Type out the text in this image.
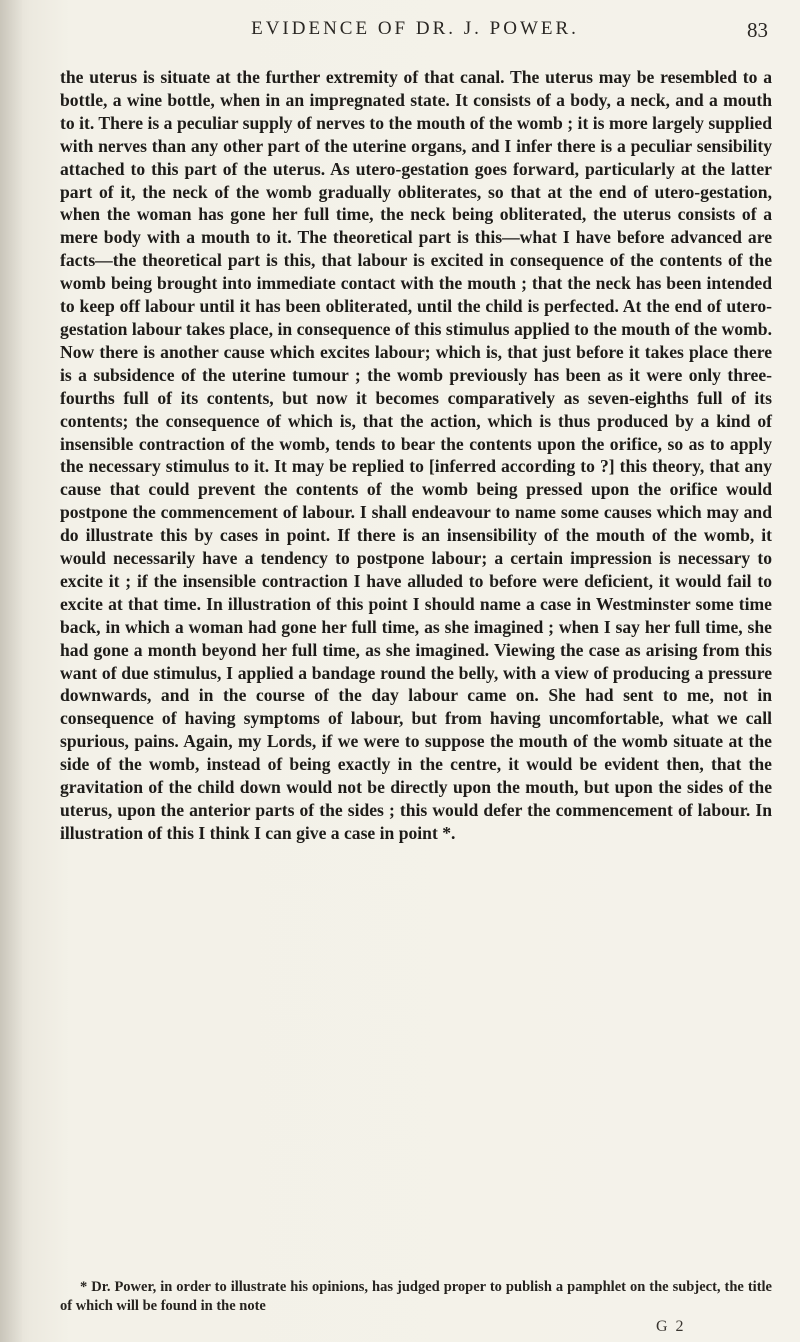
EVIDENCE OF DR. J. POWER.	83

the uterus is situate at the further extremity of that canal. The uterus may be resembled to a bottle, a wine bottle, when in an impregnated state. It consists of a body, a neck, and a mouth to it. There is a peculiar supply of nerves to the mouth of the womb ; it is more largely supplied with nerves than any other part of the uterine organs, and I infer there is a peculiar sensibility attached to this part of the uterus. As utero-gestation goes forward, particularly at the latter part of it, the neck of the womb gradually obliterates, so that at the end of utero-gestation, when the woman has gone her full time, the neck being obliterated, the uterus consists of a mere body with a mouth to it. The theoretical part is this—what I have before advanced are facts—the theoretical part is this, that labour is excited in consequence of the contents of the womb being brought into immediate contact with the mouth ; that the neck has been intended to keep off labour until it has been obliterated, until the child is perfected. At the end of utero-gestation labour takes place, in consequence of this stimulus applied to the mouth of the womb. Now there is another cause which excites labour; which is, that just before it takes place there is a subsidence of the uterine tumour ; the womb previously has been as it were only three-fourths full of its contents, but now it becomes comparatively as seven-eighths full of its contents; the consequence of which is, that the action, which is thus produced by a kind of insensible contraction of the womb, tends to bear the contents upon the orifice, so as to apply the necessary stimulus to it. It may be replied to [inferred according to ?] this theory, that any cause that could prevent the contents of the womb being pressed upon the orifice would postpone the commencement of labour. I shall endeavour to name some causes which may and do illustrate this by cases in point. If there is an insensibility of the mouth of the womb, it would necessarily have a tendency to postpone labour; a certain impression is necessary to excite it ; if the insensible contraction I have alluded to before were deficient, it would fail to excite at that time. In illustration of this point I should name a case in Westminster some time back, in which a woman had gone her full time, as she imagined ; when I say her full time, she had gone a month beyond her full time, as she imagined. Viewing the case as arising from this want of due stimulus, I applied a bandage round the belly, with a view of producing a pressure downwards, and in the course of the day labour came on. She had sent to me, not in consequence of having symptoms of labour, but from having uncomfortable, what we call spurious, pains. Again, my Lords, if we were to suppose the mouth of the womb situate at the side of the womb, instead of being exactly in the centre, it would be evident then, that the gravitation of the child down would not be directly upon the mouth, but upon the sides of the uterus, upon the anterior parts of the sides ; this would defer the commencement of labour. In illustration of this I think I can give a case in point *.

* Dr. Power, in order to illustrate his opinions, has judged proper to publish a pamphlet on the subject, the title of which will be found in the note

G 2
